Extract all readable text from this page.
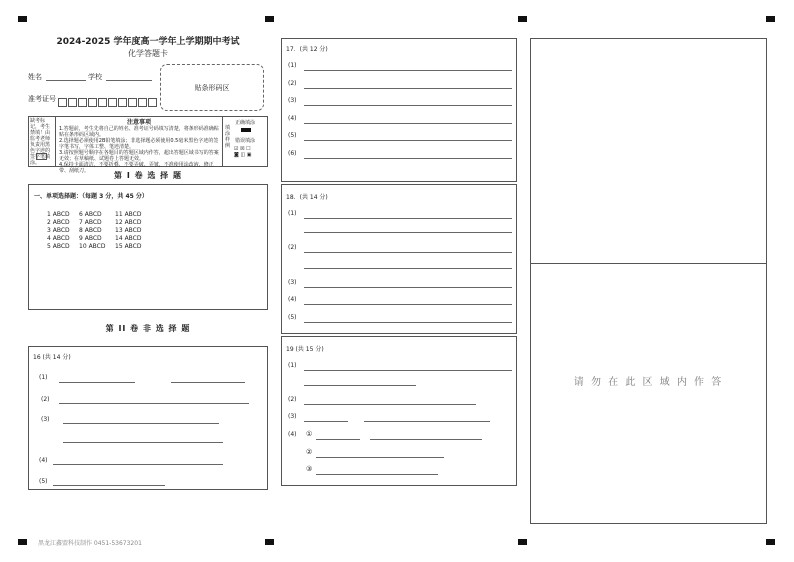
2024-2025 学年度高一学年上学期期中考试
化学答题卡
姓名	学校
准考证号
贴条形码区
缺考标记，考生禁填！由监考老师负责用黑色字迹的签字笔填涂。
注意事项
1.答题前，考生先将自己的姓名、准考证号码填写清楚，将条形码准确粘贴在条形码区域内。
2.选择题必须使用2B铅笔填涂；非选择题必须使用0.5毫米黑色字迹的签字笔书写，字体工整、笔迹清楚。
3.请按照题号顺序在各题目的答题区域内作答，超出答题区域书写的答案无效；在草稿纸、试题卷上答题无效。
4.保持卡面清洁，不要折叠、不要弄破、弄皱，不准使用涂改液、修正带、刮纸刀。
填涂样例
正确填涂
错误填涂
☑ ☒ ☐
◙ ◫ ▣
第 I 卷 选 择 题
一、单项选择题：（每题 3 分，共 45 分）
1 ABCD
2 ABCD
3 ABCD
4 ABCD
5 ABCD
6 ABCD
7 ABCD
8 ABCD
9 ABCD
10 ABCD
11 ABCD
12 ABCD
13 ABCD
14 ABCD
15 ABCD
第 II 卷 非 选 择 题
16 (共 14 分)
(1)
(2)
(3)
(4)
(5)
17．(共 12 分)
(1)
(2)
(3)
(4)
(5)
(6)
18．(共 14 分)
(1)
(2)
(3)
(4)
(5)
19 (共 15 分)
(1)
(2)
(3)
(4) ①
②
③
请 勿 在 此 区 域 内 作 答
黑龙江鑫盟科技制作 0451-53673201
